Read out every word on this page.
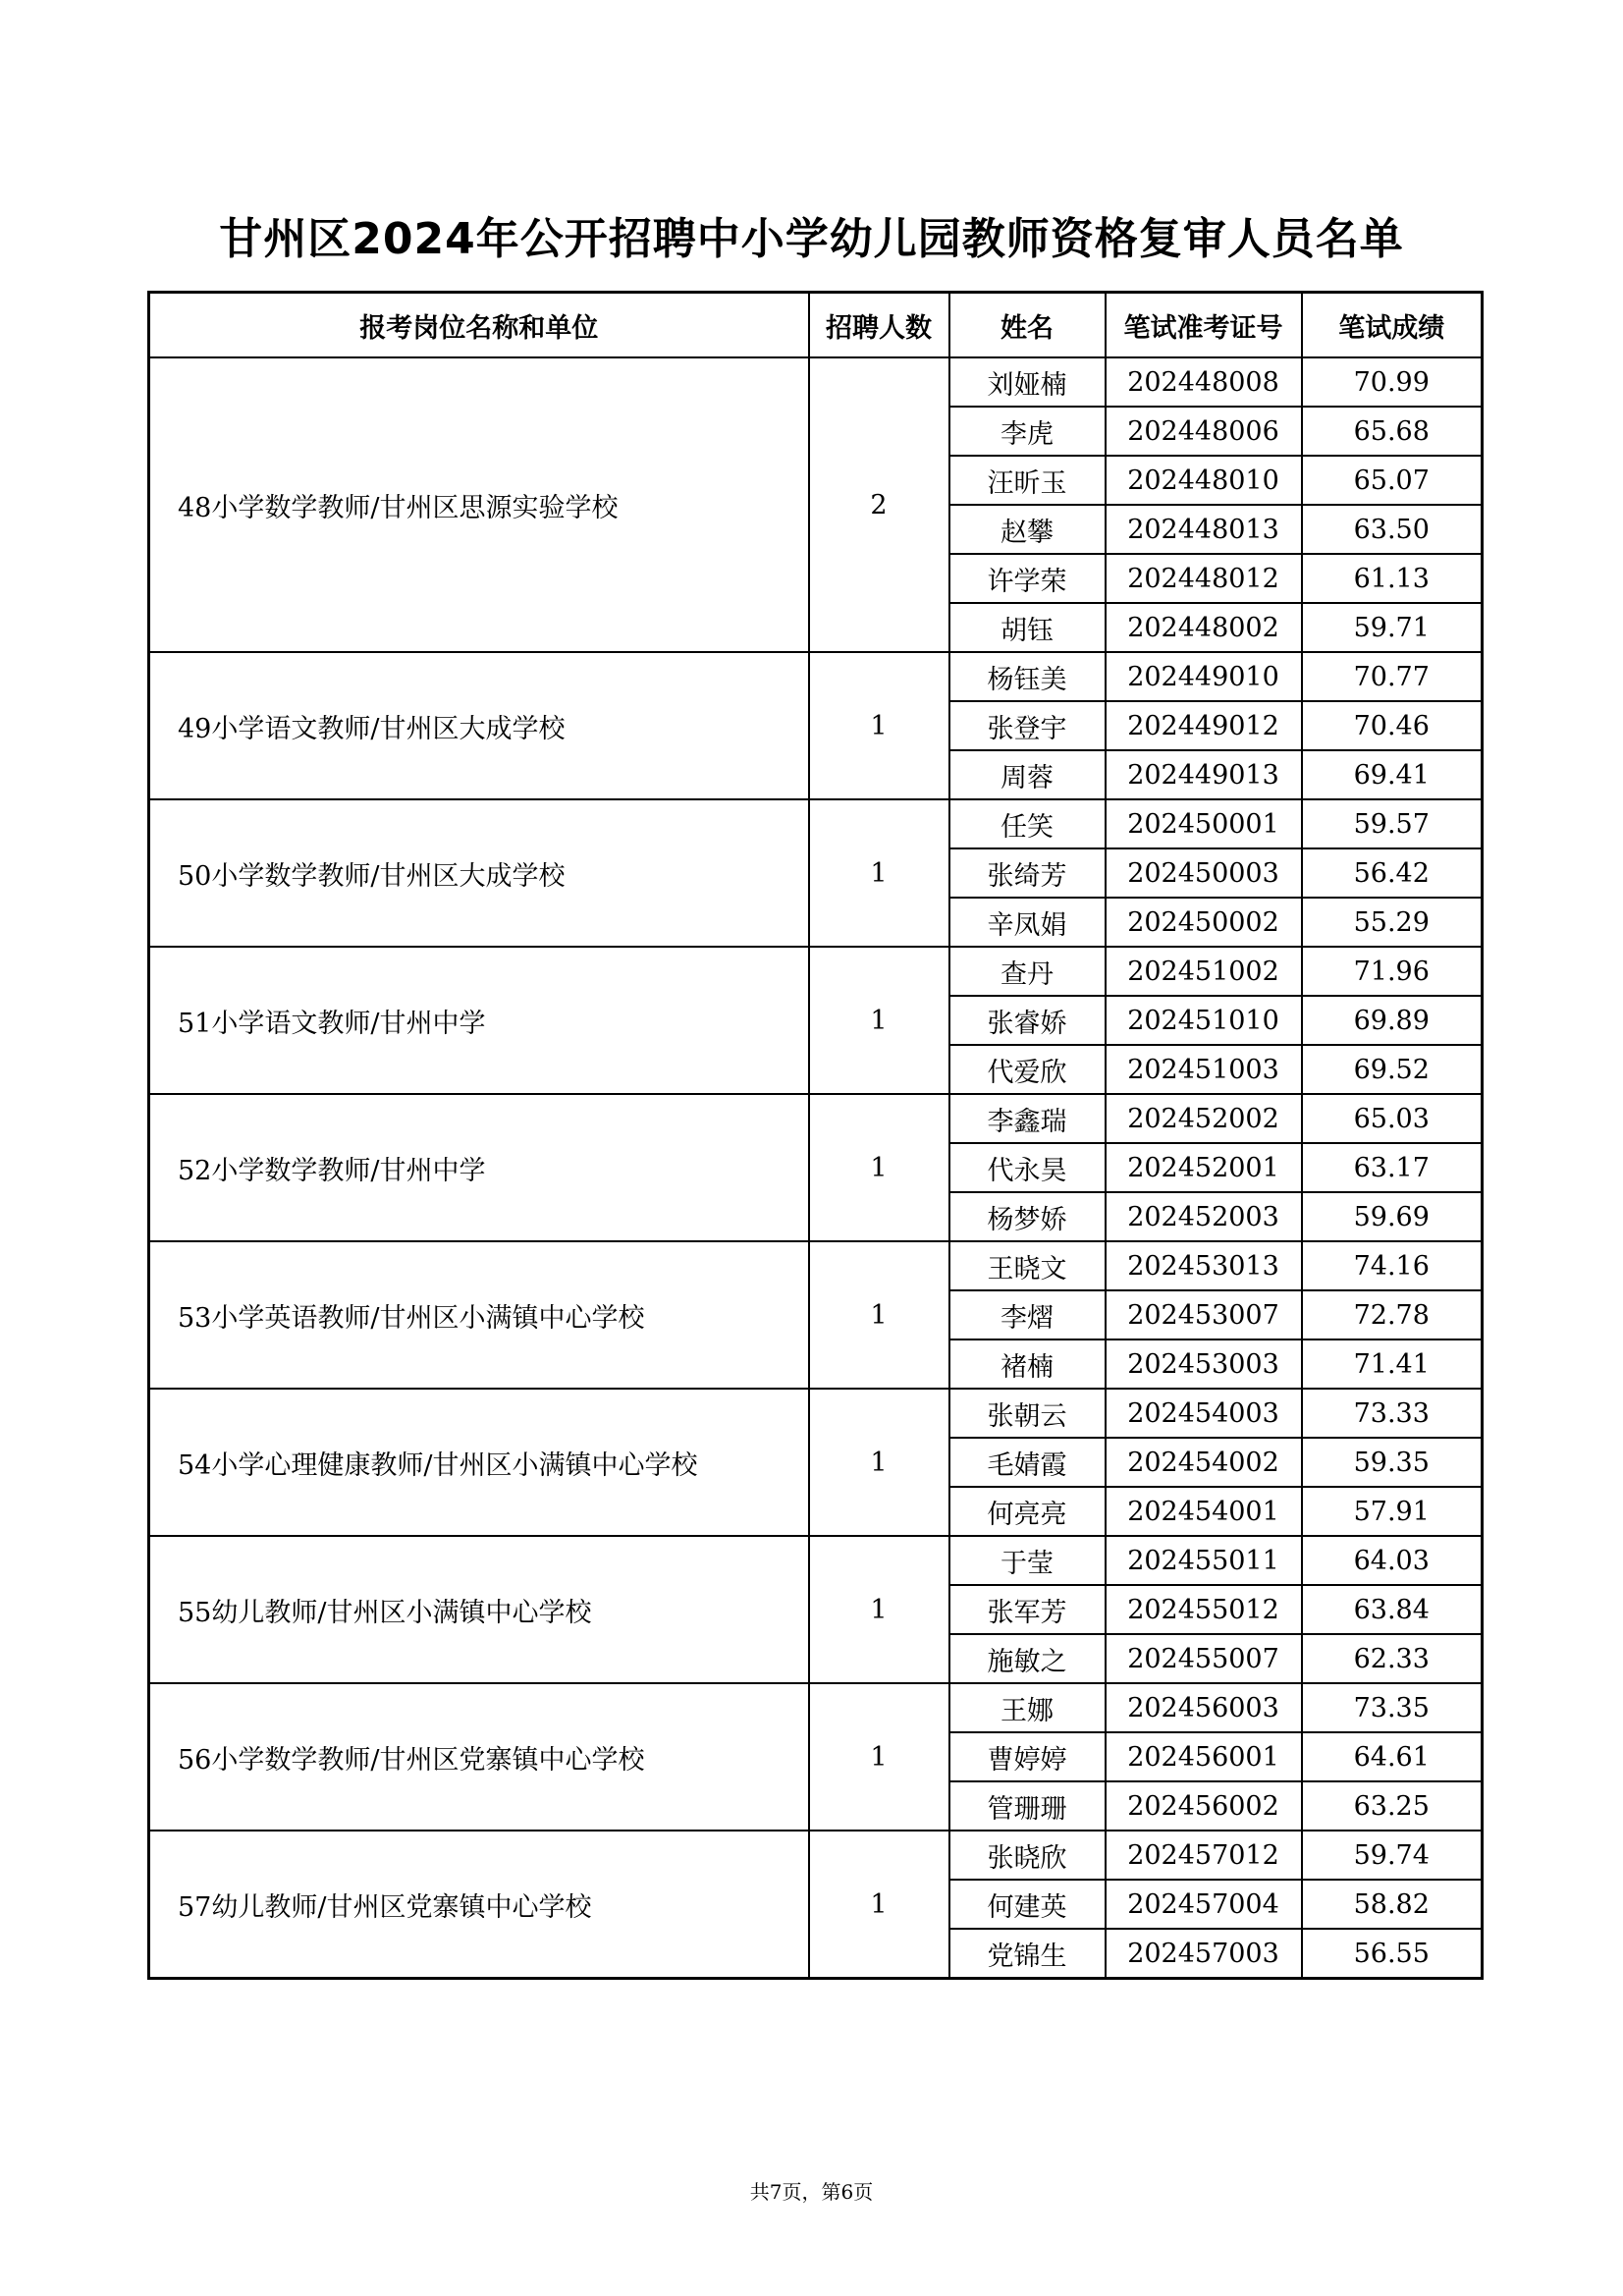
甘州区2024年公开招聘中小学幼儿园教师资格复审人员名单
报考岗位名称和单位	招聘人数	姓名	笔试准考证号	笔试成绩
48小学数学教师/甘州区思源实验学校	2	刘娅楠	202448008	70.99
		李虎	202448006	65.68
		汪昕玉	202448010	65.07
		赵攀	202448013	63.50
		许学荣	202448012	61.13
		胡钰	202448002	59.71
49小学语文教师/甘州区大成学校	1	杨钰美	202449010	70.77
		张登宇	202449012	70.46
		周蓉	202449013	69.41
50小学数学教师/甘州区大成学校	1	任笑	202450001	59.57
		张绮芳	202450003	56.42
		辛凤娟	202450002	55.29
51小学语文教师/甘州中学	1	查丹	202451002	71.96
		张睿娇	202451010	69.89
		代爱欣	202451003	69.52
52小学数学教师/甘州中学	1	李鑫瑞	202452002	65.03
		代永昊	202452001	63.17
		杨梦娇	202452003	59.69
53小学英语教师/甘州区小满镇中心学校	1	王晓文	202453013	74.16
		李熠	202453007	72.78
		褚楠	202453003	71.41
54小学心理健康教师/甘州区小满镇中心学校	1	张朝云	202454003	73.33
		毛婧霞	202454002	59.35
		何亮亮	202454001	57.91
55幼儿教师/甘州区小满镇中心学校	1	于莹	202455011	64.03
		张军芳	202455012	63.84
		施敏之	202455007	62.33
56小学数学教师/甘州区党寨镇中心学校	1	王娜	202456003	73.35
		曹婷婷	202456001	64.61
		管珊珊	202456002	63.25
57幼儿教师/甘州区党寨镇中心学校	1	张晓欣	202457012	59.74
		何建英	202457004	58.82
		党锦生	202457003	56.55
共7页，第6页
